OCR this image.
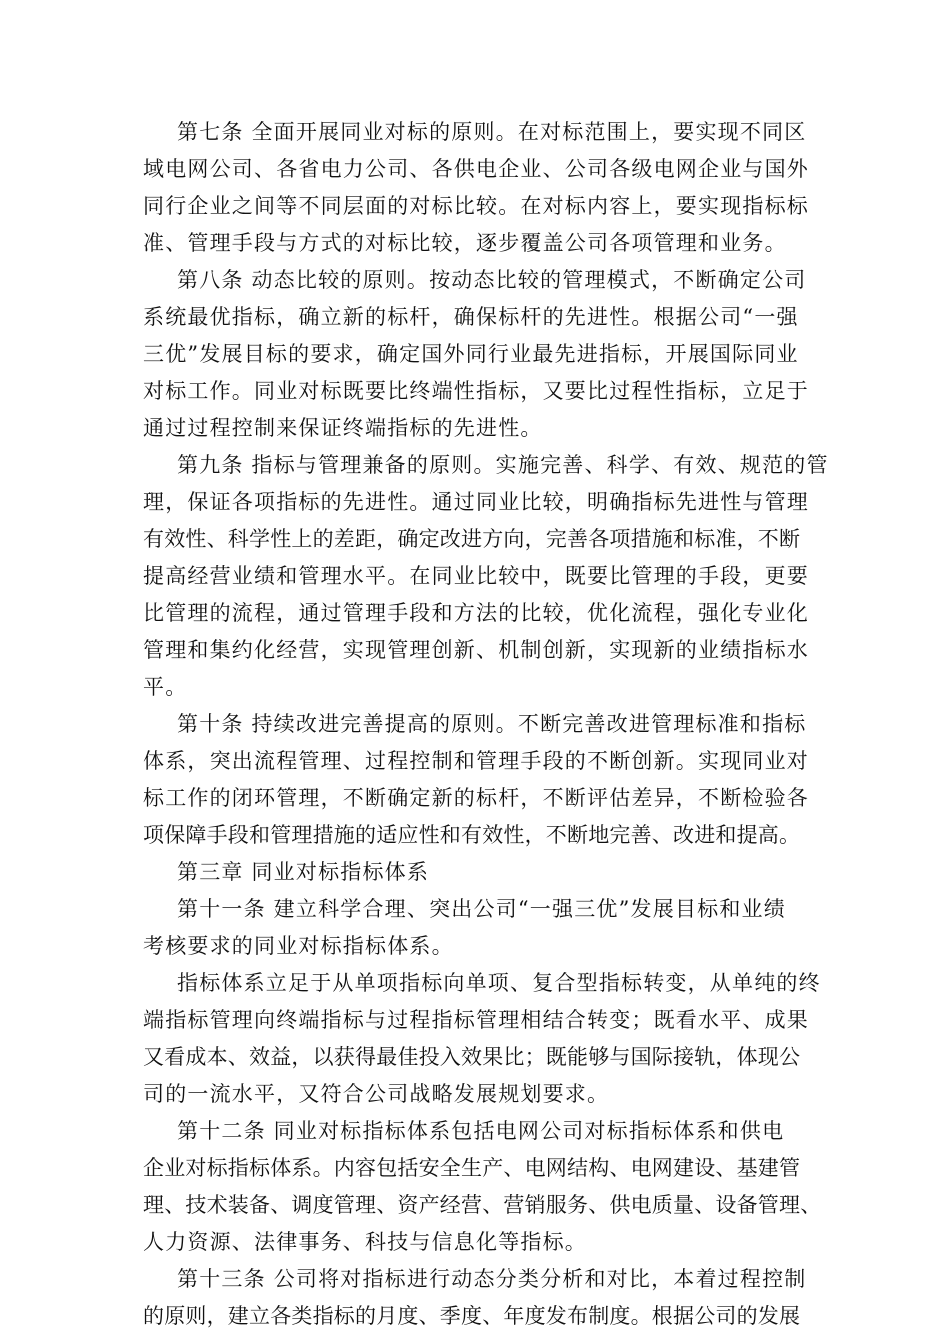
第七条 全面开展同业对标的原则。在对标范围上，要实现不同区
域电网公司、各省电力公司、各供电企业、公司各级电网企业与国外
同行企业之间等不同层面的对标比较。在对标内容上，要实现指标标
准、管理手段与方式的对标比较，逐步覆盖公司各项管理和业务。
第八条 动态比较的原则。按动态比较的管理模式，不断确定公司
系统最优指标，确立新的标杆，确保标杆的先进性。根据公司“一强
三优”发展目标的要求，确定国外同行业最先进指标，开展国际同业
对标工作。同业对标既要比终端性指标，又要比过程性指标，立足于
通过过程控制来保证终端指标的先进性。
第九条 指标与管理兼备的原则。实施完善、科学、有效、规范的管
理，保证各项指标的先进性。通过同业比较，明确指标先进性与管理
有效性、科学性上的差距，确定改进方向，完善各项措施和标准，不断
提高经营业绩和管理水平。在同业比较中，既要比管理的手段，更要
比管理的流程，通过管理手段和方法的比较，优化流程，强化专业化
管理和集约化经营，实现管理创新、机制创新，实现新的业绩指标水
平。
第十条 持续改进完善提高的原则。不断完善改进管理标准和指标
体系，突出流程管理、过程控制和管理手段的不断创新。实现同业对
标工作的闭环管理，不断确定新的标杆，不断评估差异，不断检验各
项保障手段和管理措施的适应性和有效性，不断地完善、改进和提高。
第三章 同业对标指标体系
第十一条 建立科学合理、突出公司“一强三优”发展目标和业绩
考核要求的同业对标指标体系。
指标体系立足于从单项指标向单项、复合型指标转变，从单纯的终
端指标管理向终端指标与过程指标管理相结合转变；既看水平、成果
又看成本、效益，以获得最佳投入效果比；既能够与国际接轨，体现公
司的一流水平，又符合公司战略发展规划要求。
第十二条 同业对标指标体系包括电网公司对标指标体系和供电
企业对标指标体系。内容包括安全生产、电网结构、电网建设、基建管
理、技术装备、调度管理、资产经营、营销服务、供电质量、设备管理、
人力资源、法律事务、科技与信息化等指标。
第十三条 公司将对指标进行动态分类分析和对比，本着过程控制
的原则，建立各类指标的月度、季度、年度发布制度。根据公司的发展
